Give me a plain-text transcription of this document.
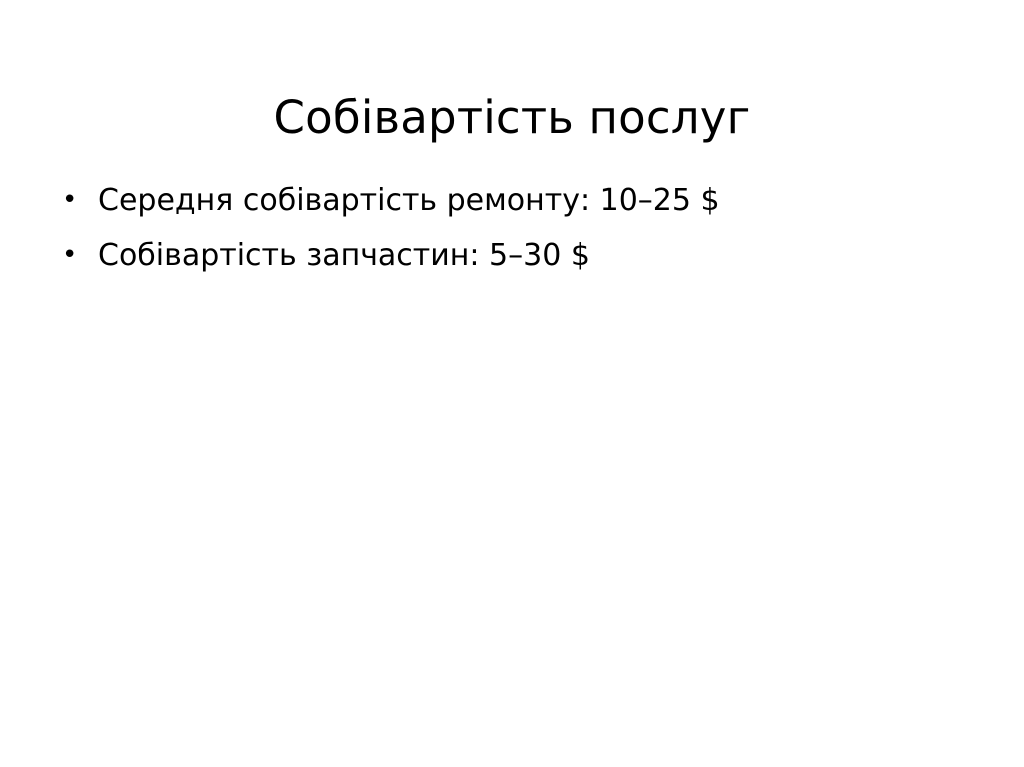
Собівартість послуг
• Середня собівартість ремонту: 10–25 $
• Собівартість запчастин: 5–30 $
